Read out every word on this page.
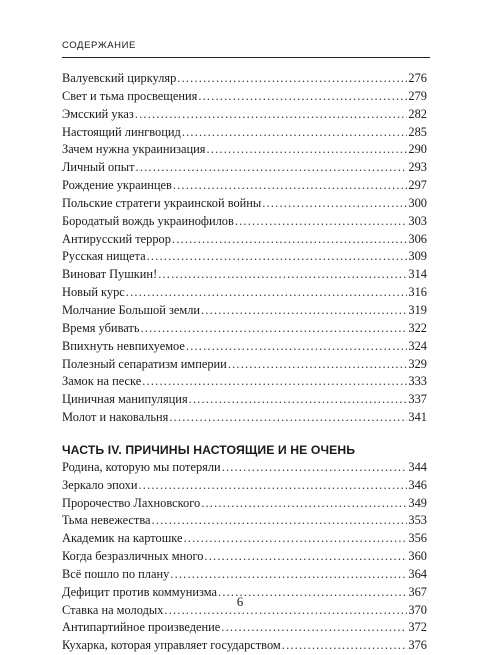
СОДЕРЖАНИЕ
Валуевский циркуляр .....	276
Свет и тьма просвещения .....	279
Эмсский указ .....	282
Настоящий лингвоцид .....	285
Зачем нужна украинизация .....	290
Личный опыт .....	293
Рождение украинцев .....	297
Польские стратеги украинской войны .....	300
Бородатый вождь украинофилов .....	303
Антирусский террор .....	306
Русская нищета .....	309
Виноват Пушкин! .....	314
Новый курс .....	316
Молчание Большой земли .....	319
Время убивать .....	322
Впихнуть невпихуемое .....	324
Полезный сепаратизм империи .....	329
Замок на песке .....	333
Циничная манипуляция .....	337
Молот и наковальня .....	341
ЧАСТЬ IV. ПРИЧИНЫ НАСТОЯЩИЕ И НЕ ОЧЕНЬ
Родина, которую мы потеряли .....	344
Зеркало эпохи .....	346
Пророчество Лахновского .....	349
Тьма невежества .....	353
Академик на картошке .....	356
Когда безразличных много .....	360
Всё пошло по плану .....	364
Дефицит против коммунизма .....	367
Ставка на молодых .....	370
Антипартийное произведение .....	372
Кухарка, которая управляет государством .....	376
6
